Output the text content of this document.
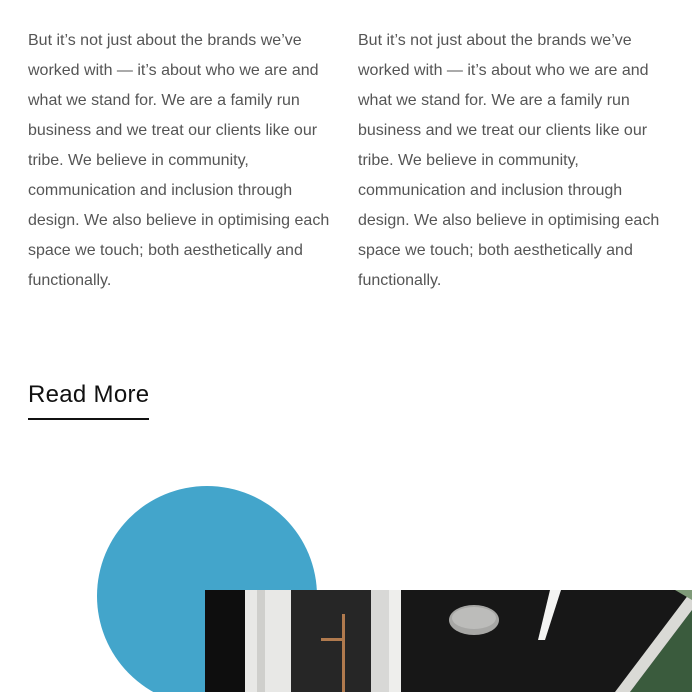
But it’s not just about the brands we’ve worked with — it’s about who we are and what we stand for. We are a family run business and we treat our clients like our tribe. We believe in community, communication and inclusion through design. We also believe in optimising each space we touch; both aesthetically and functionally.

But it’s not just about the brands we’ve worked with — it’s about who we are and what we stand for. We are a family run business and we treat our clients like our tribe. We believe in community, communication and inclusion through design. We also believe in optimising each space we touch; both aesthetically and functionally.

Read More
